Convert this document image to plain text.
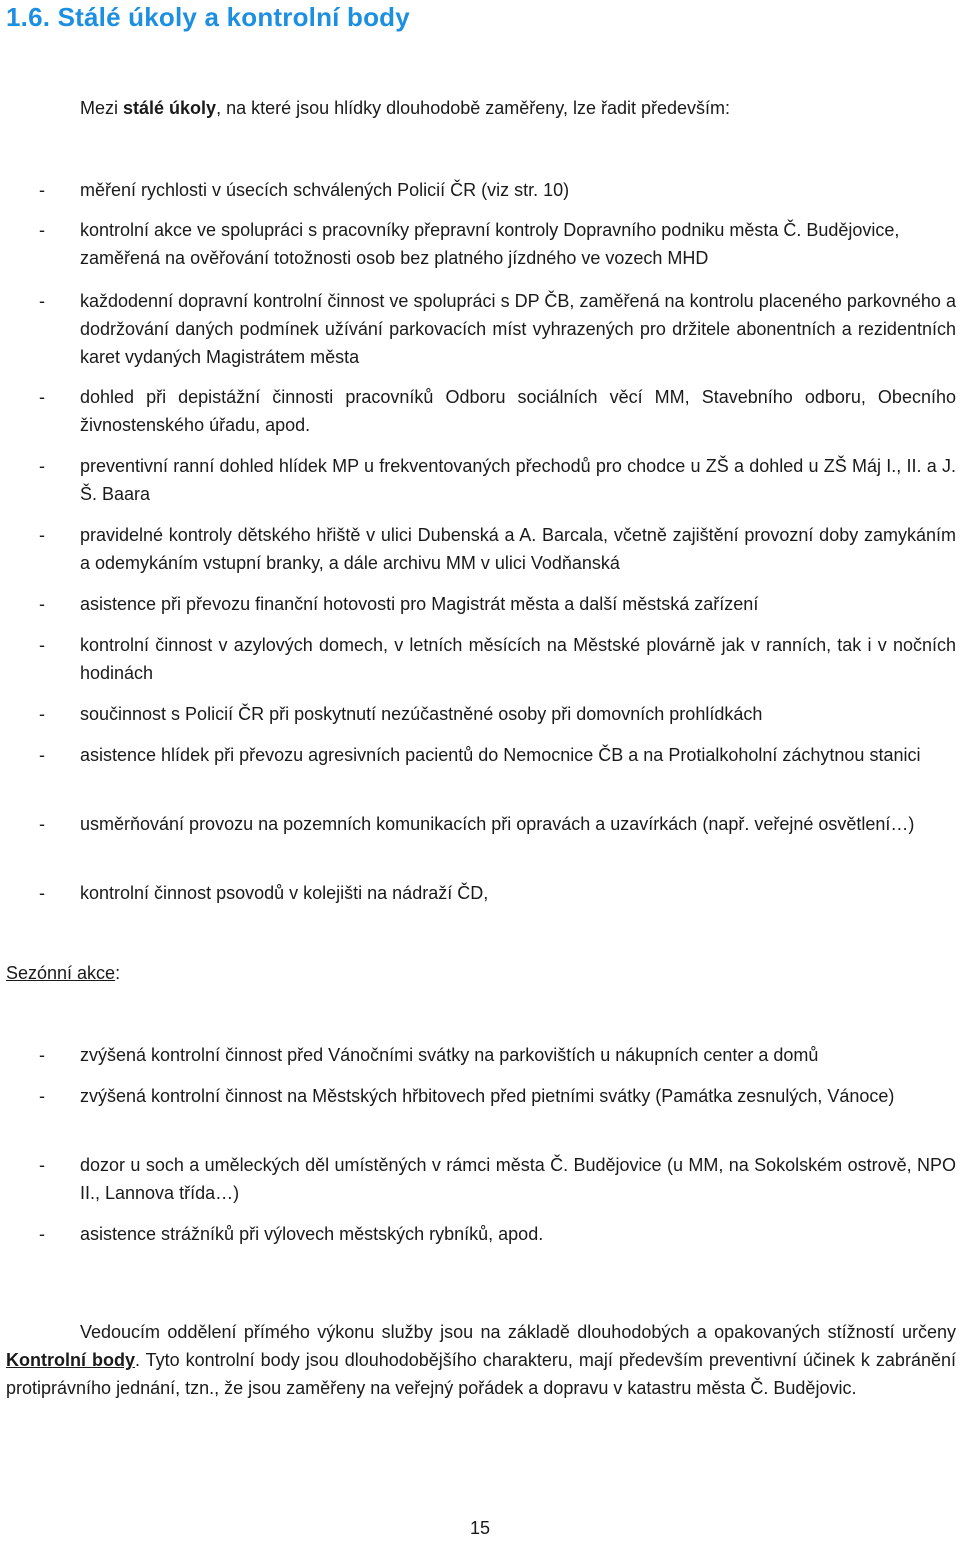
1.6. Stálé úkoly a kontrolní body

Mezi stálé úkoly, na které jsou hlídky dlouhodobě zaměřeny, lze řadit především:

- měření rychlosti v úsecích schválených Policií ČR (viz str. 10)
- kontrolní akce ve spolupráci s pracovníky přepravní kontroly Dopravního podniku města Č. Budějovice, zaměřená na ověřování totožnosti osob bez platného jízdného ve vozech MHD
- každodenní dopravní kontrolní činnost ve spolupráci s DP ČB, zaměřená na kontrolu placeného parkovného a dodržování daných podmínek užívání parkovacích míst vyhrazených pro držitele abonentních a rezidentních karet vydaných Magistrátem města
- dohled při depistážní činnosti pracovníků Odboru sociálních věcí MM, Stavebního odboru, Obecního živnostenského úřadu, apod.
- preventivní ranní dohled hlídek MP u frekventovaných přechodů pro chodce u ZŠ a dohled u ZŠ Máj I., II. a J. Š. Baara
- pravidelné kontroly dětského hřiště v ulici Dubenská a A. Barcala, včetně zajištění provozní doby zamykáním a odemykáním vstupní branky, a dále archivu MM v ulici Vodňanská
- asistence při převozu finanční hotovosti pro Magistrát města a další městská zařízení
- kontrolní činnost v azylových domech, v letních měsících na Městské plovárně jak v ranních, tak i v nočních hodinách
- součinnost s Policií ČR při poskytnutí nezúčastněné osoby při domovních prohlídkách
- asistence hlídek při převozu agresivních pacientů do Nemocnice ČB a na Protialkoholní záchytnou stanici
- usměrňování provozu na pozemních komunikacích při opravách a uzavírkách (např. veřejné osvětlení…)
- kontrolní činnost psovodů v kolejišti na nádraží ČD,
Sezónní akce:
- zvýšená kontrolní činnost před Vánočními svátky na parkovištích u nákupních center a domů
- zvýšená kontrolní činnost na Městských hřbitovech před pietními svátky (Památka zesnulých, Vánoce)
- dozor u soch a uměleckých děl umístěných v rámci města Č. Budějovice (u MM, na Sokolském ostrově, NPO II., Lannova třída…)
- asistence strážníků při výlovech městských rybníků, apod.

Vedoucím oddělení přímého výkonu služby jsou na základě dlouhodobých a opakovaných stížností určeny Kontrolní body. Tyto kontrolní body jsou dlouhodobějšího charakteru, mají především preventivní účinek k zabránění protiprávního jednání, tzn., že jsou zaměřeny na veřejný pořádek a dopravu v katastru města Č. Budějovic.

15
